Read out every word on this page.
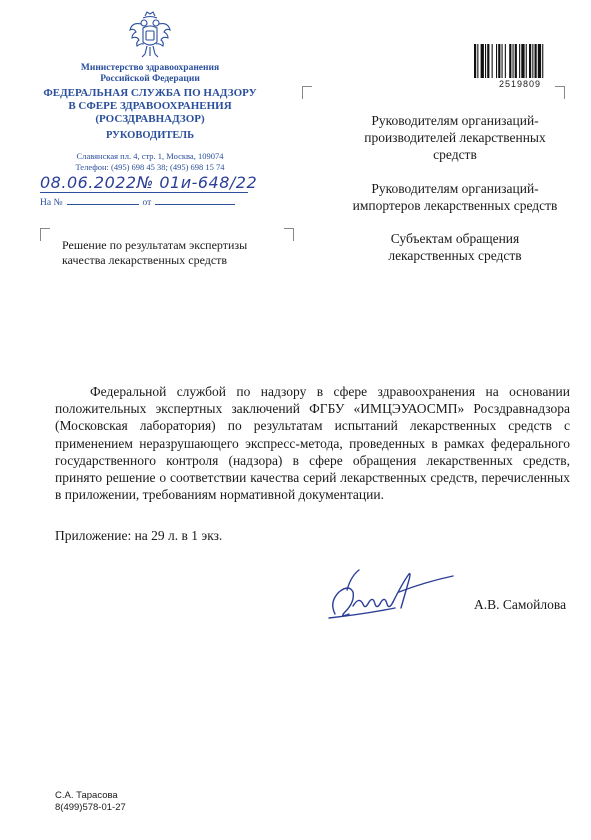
Министерство здравоохранения
Российской Федерации
ФЕДЕРАЛЬНАЯ СЛУЖБА ПО НАДЗОРУ
В СФЕРЕ ЗДРАВООХРАНЕНИЯ
(РОСЗДРАВНАДЗОР)
РУКОВОДИТЕЛЬ
Славянская пл. 4, стр. 1, Москва, 109074
Телефон: (495) 698 45 38; (495) 698 15 74
08.06.2022№ 01и-648/22
На №	от
Решение по результатам экспертизы
качества лекарственных средств
2519809
Руководителям организаций-
производителей лекарственных
средств
Руководителям организаций-
импортеров лекарственных средств
Субъектам обращения
лекарственных средств
Федеральной службой по надзору в сфере здравоохранения на основании положительных экспертных заключений ФГБУ «ИМЦЭУАОСМП» Росздравнадзора (Московская лаборатория) по результатам испытаний лекарственных средств с применением неразрушающего экспресс-метода, проведенных в рамках федерального государственного контроля (надзора) в сфере обращения лекарственных средств, принято решение о соответствии качества серий лекарственных средств, перечисленных в приложении, требованиям нормативной документации.
Приложение: на 29 л. в 1 экз.
А.В. Самойлова
С.А. Тарасова
8(499)578-01-27
